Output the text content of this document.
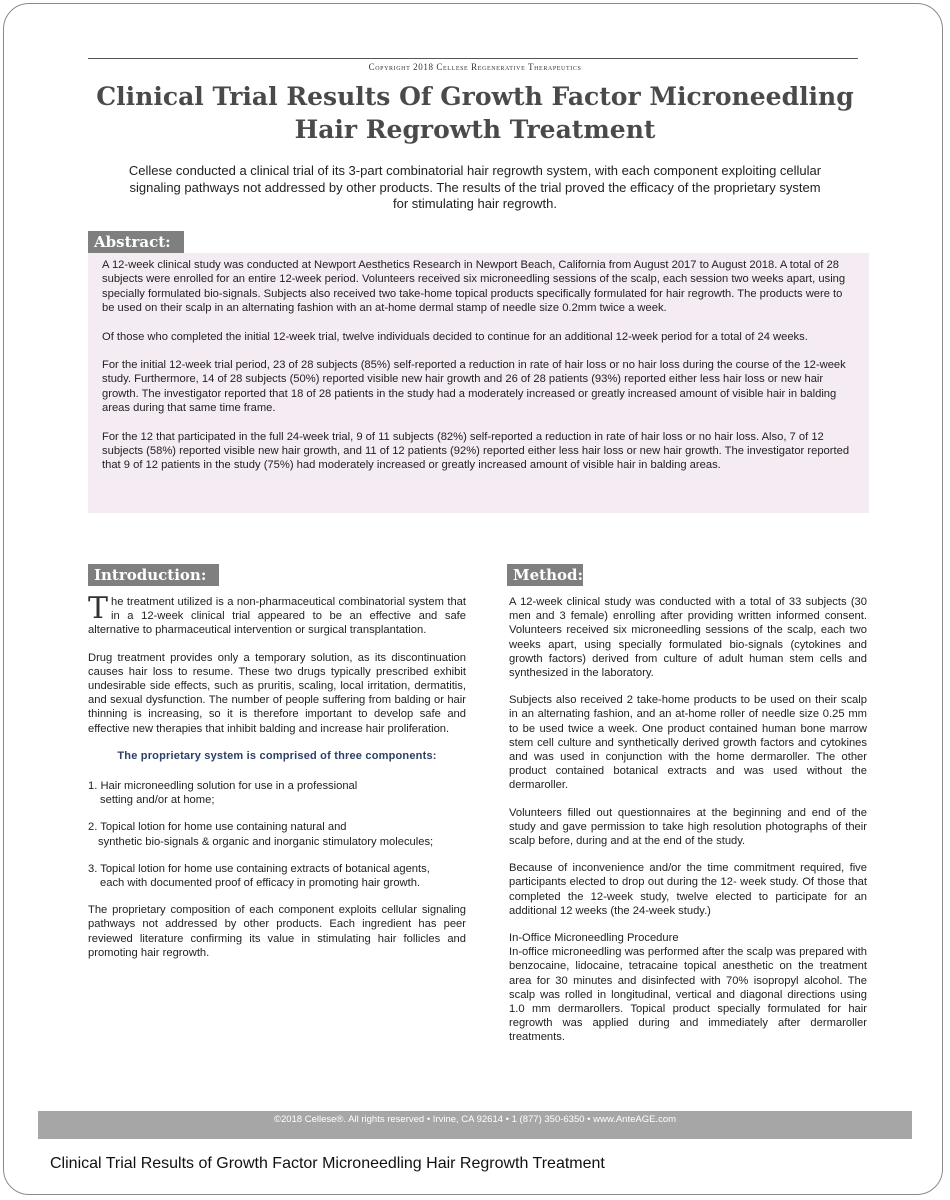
Copyright 2018 Cellese Regenerative Therapeutics
Clinical Trial Results Of Growth Factor Microneedling
Hair Regrowth Treatment

Cellese conducted a clinical trial of its 3-part combinatorial hair regrowth system, with each component exploiting cellular signaling pathways not addressed by other products. The results of the trial proved the efficacy of the proprietary system for stimulating hair regrowth.

Abstract:

A 12-week clinical study was conducted at Newport Aesthetics Research in Newport Beach, California from August 2017 to August 2018. A total of 28 subjects were enrolled for an entire 12-week period. Volunteers received six microneedling sessions of the scalp, each session two weeks apart, using specially formulated bio-signals. Subjects also received two take-home topical products specifically formulated for hair regrowth. The products were to be used on their scalp in an alternating fashion with an at-home dermal stamp of needle size 0.2mm twice a week.

Of those who completed the initial 12-week trial, twelve individuals decided to continue for an additional 12-week period for a total of 24 weeks.

For the initial 12-week trial period, 23 of 28 subjects (85%) self-reported a reduction in rate of hair loss or no hair loss during the course of the 12-week study. Furthermore, 14 of 28 subjects (50%) reported visible new hair growth and 26 of 28 patients (93%) reported either less hair loss or new hair growth. The investigator reported that 18 of 28 patients in the study had a moderately increased or greatly increased amount of visible hair in balding areas during that same time frame.

For the 12 that participated in the full 24-week trial, 9 of 11 subjects (82%) self-reported a reduction in rate of hair loss or no hair loss. Also, 7 of 12 subjects (58%) reported visible new hair growth, and 11 of 12 patients (92%) reported either less hair loss or new hair growth. The investigator reported that 9 of 12 patients in the study (75%) had moderately increased or greatly increased amount of visible hair in balding areas.

Introduction:	Method:

The treatment utilized is a non-pharmaceutical combinatorial system that in a 12-week clinical trial appeared to be an effective and safe alternative to pharmaceutical intervention or surgical transplantation.

Drug treatment provides only a temporary solution, as its discontinuation causes hair loss to resume. These two drugs typically prescribed exhibit undesirable side effects, such as pruritis, scaling, local irritation, dermatitis, and sexual dysfunction. The number of people suffering from balding or hair thinning is increasing, so it is therefore important to develop safe and effective new therapies that inhibit balding and increase hair proliferation.

The proprietary system is comprised of three components:
1. Hair microneedling solution for use in a professional
setting and/or at home;
2. Topical lotion for home use containing natural and
synthetic bio-signals & organic and inorganic stimulatory molecules;
3. Topical lotion for home use containing extracts of botanical agents,
each with documented proof of efficacy in promoting hair growth.

The proprietary composition of each component exploits cellular signaling pathways not addressed by other products. Each ingredient has peer reviewed literature confirming its value in stimulating hair follicles and promoting hair regrowth.

A 12-week clinical study was conducted with a total of 33 subjects (30 men and 3 female) enrolling after providing written informed consent. Volunteers received six microneedling sessions of the scalp, each two weeks apart, using specially formulated bio-signals (cytokines and growth factors) derived from culture of adult human stem cells and synthesized in the laboratory.

Subjects also received 2 take-home products to be used on their scalp in an alternating fashion, and an at-home roller of needle size 0.25 mm to be used twice a week. One product contained human bone marrow stem cell culture and synthetically derived growth factors and cytokines and was used in conjunction with the home dermaroller. The other product contained botanical extracts and was used without the dermaroller.

Volunteers filled out questionnaires at the beginning and end of the study and gave permission to take high resolution photographs of their scalp before, during and at the end of the study.

Because of inconvenience and/or the time commitment required, five participants elected to drop out during the 12- week study. Of those that completed the 12-week study, twelve elected to participate for an additional 12 weeks (the 24-week study.)

In-Office Microneedling Procedure

In-office microneedling was performed after the scalp was prepared with benzocaine, lidocaine, tetracaine topical anesthetic on the treatment area for 30 minutes and disinfected with 70% isopropyl alcohol. The scalp was rolled in longitudinal, vertical and diagonal directions using 1.0 mm dermarollers. Topical product specially formulated for hair regrowth was applied during and immediately after dermaroller treatments.

©2018 Cellese®. All rights reserved • Irvine, CA 92614 • 1 (877) 350-6350 • www.AnteAGE.com
Clinical Trial Results of Growth Factor Microneedling Hair Regrowth Treatment
